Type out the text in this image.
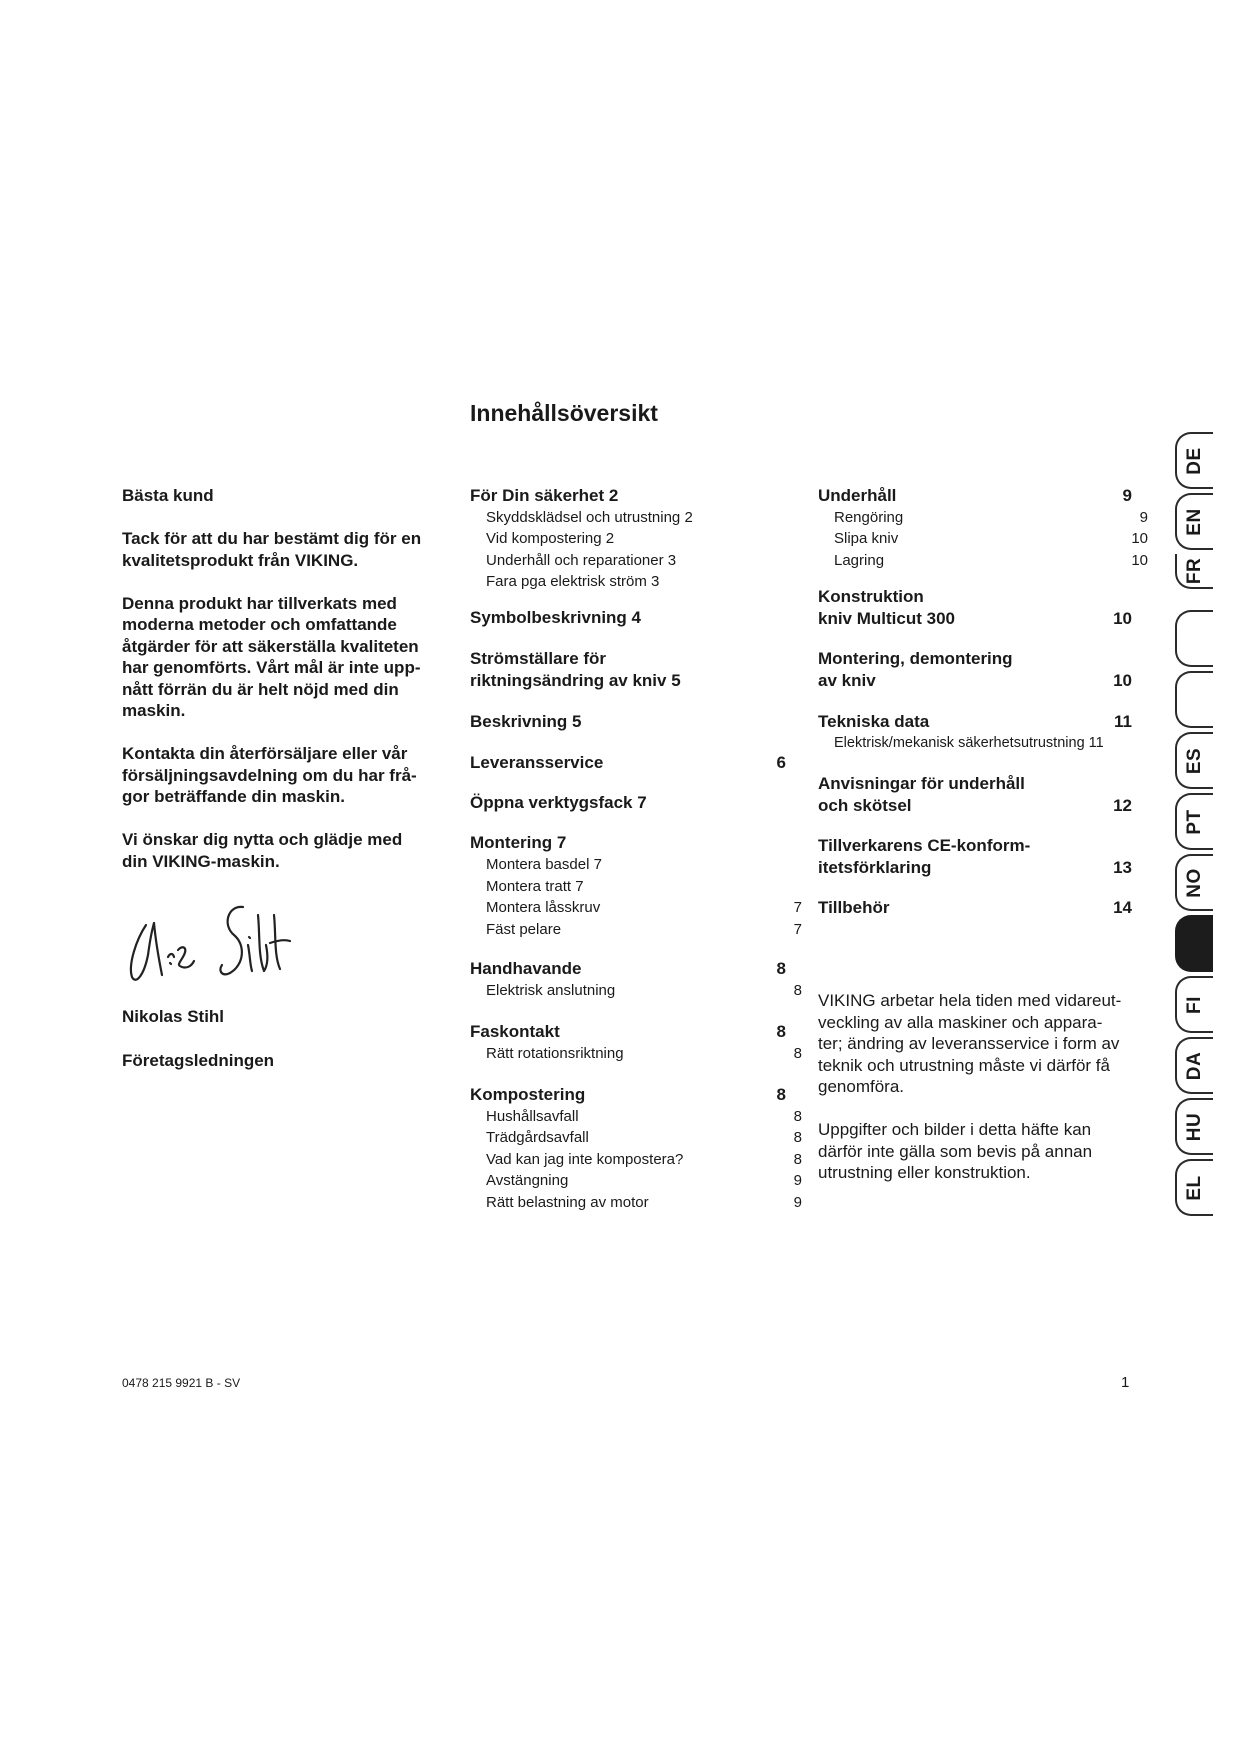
Innehållsöversikt

Bästa kund

Tack för att du har bestämt dig för en
kvalitetsprodukt från VIKING.

Denna produkt har tillverkats med
moderna metoder och omfattande
åtgärder för att säkerställa kvaliteten
har genomförts. Vårt mål är inte upp-
nått förrän du är helt nöjd med din
maskin.

Kontakta din återförsäljare eller vår
försäljningsavdelning om du har frå-
gor beträffande din maskin.

Vi önskar dig nytta och glädje med
din VIKING-maskin.

Nikolas Stihl
Företagsledningen
För Din säkerhet 2
Skyddsklädsel och utrustning 2
Vid kompostering 2
Underhåll och reparationer 3
Fara pga elektrisk ström 3
Symbolbeskrivning 4
Strömställare för
riktningsändring av kniv 5
Beskrivning 5
Leveransservice	6
Öppna verktygsfack 7
Montering 7
Montera basdel 7
Montera tratt 7
Montera låsskruv	7
Fäst pelare	7
Handhavande	8
Elektrisk anslutning	8
Faskontakt	8
Rätt rotationsriktning	8
Kompostering	8
Hushållsavfall	8
Trädgårdsavfall	8
Vad kan jag inte kompostera?	8
Avstängning	9
Rätt belastning av motor	9
Underhåll	9
Rengöring	9
Slipa kniv	10
Lagring	10
Konstruktion
kniv Multicut 300	10
Montering, demontering
av kniv	10
Tekniska data	11
Elektrisk/mekanisk säkerhetsutrustning 11
Anvisningar för underhåll
och skötsel	12
Tillverkarens CE-konform-
itetsförklaring	13
Tillbehör	14

VIKING arbetar hela tiden med vidareut-
veckling av alla maskiner och appara-
ter; ändring av leveransservice i form av
teknik och utrustning måste vi därför få
genomföra.

Uppgifter och bilder i detta häfte kan
därför inte gälla som bevis på annan
utrustning eller konstruktion.

0478 215 9921 B - SV	1
DE
EN
FR
ES
PT
NO
FI
DA
HU
EL
